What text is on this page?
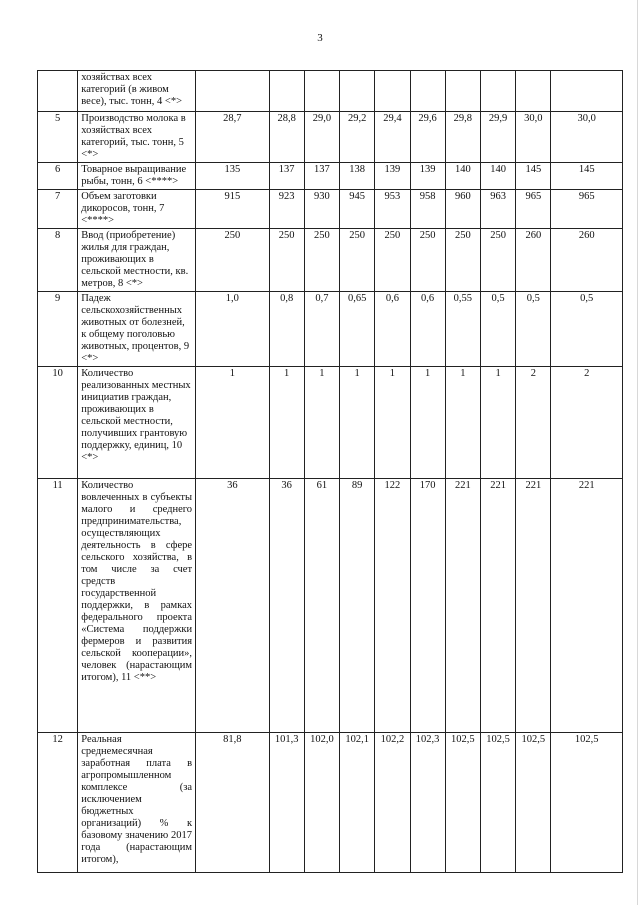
3
	хозяйствах всех категорий (в живом весе), тыс. тонн, 4 <*>										
5	Производство молока в хозяйствах всех категорий, тыс. тонн, 5 <*>	28,7	28,8	29,0	29,2	29,4	29,6	29,8	29,9	30,0	30,0
6	Товарное выращивание рыбы, тонн, 6 <****>	135	137	137	138	139	139	140	140	145	145
7	Объем заготовки дикоросов, тонн, 7 <****>	915	923	930	945	953	958	960	963	965	965
8	Ввод (приобретение) жилья для граждан, проживающих в сельской местности, кв. метров, 8 <*>	250	250	250	250	250	250	250	250	260	260
9	Падеж сельскохозяйственных животных от болезней, к общему поголовью животных, процентов, 9 <*>	1,0	0,8	0,7	0,65	0,6	0,6	0,55	0,5	0,5	0,5
10	Количество реализованных местных инициатив граждан, проживающих в сельской местности, получивших грантовую поддержку, единиц, 10 <*>	1	1	1	1	1	1	1	1	2	2
11	Количество вовлеченных в субъекты малого и среднего предпринимательства, осуществляющих деятельность в сфере сельского хозяйства, в том числе за счет средств государственной поддержки, в рамках федерального проекта «Система поддержки фермеров и развития сельской кооперации», человек (нарастающим итогом), 11 <**>	36	36	61	89	122	170	221	221	221	221
12	Реальная среднемесячная заработная плата в агропромышленном комплексе (за исключением бюджетных организаций) % к базовому значению 2017 года (нарастающим итогом),	81,8	101,3	102,0	102,1	102,2	102,3	102,5	102,5	102,5	102,5
